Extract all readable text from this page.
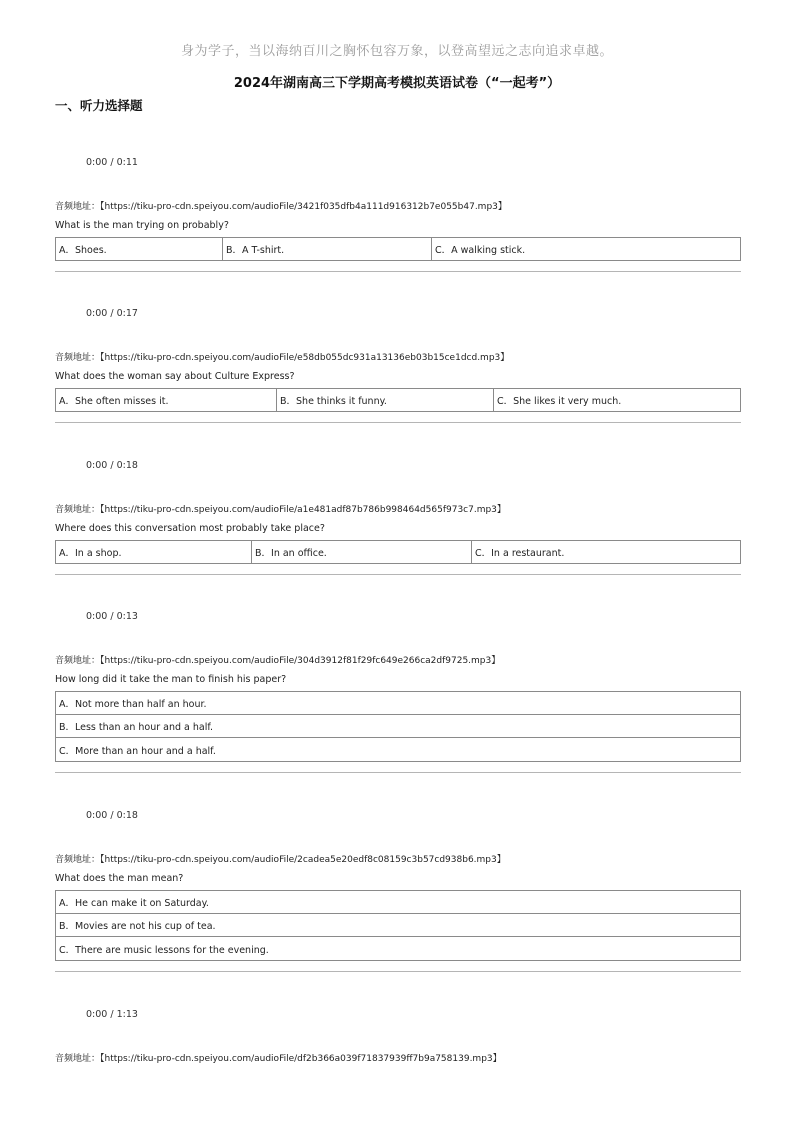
身为学子，当以海纳百川之胸怀包容万象，以登高望远之志向追求卓越。
2024年湖南高三下学期高考模拟英语试卷（“一起考”）
一、听力选择题
0:00 / 0:11
音频地址：【https://tiku-pro-cdn.speiyou.com/audioFile/3421f035dfb4a111d916312b7e055b47.mp3】
What is the man trying on probably?
A．Shoes.	B．A T-shirt.	C．A walking stick.
0:00 / 0:17
音频地址：【https://tiku-pro-cdn.speiyou.com/audioFile/e58db055dc931a13136eb03b15ce1dcd.mp3】
What does the woman say about Culture Express?
A．She often misses it.	B．She thinks it funny.	C．She likes it very much.
0:00 / 0:18
音频地址：【https://tiku-pro-cdn.speiyou.com/audioFile/a1e481adf87b786b998464d565f973c7.mp3】
Where does this conversation most probably take place?
A．In a shop.	B．In an office.	C．In a restaurant.
0:00 / 0:13
音频地址：【https://tiku-pro-cdn.speiyou.com/audioFile/304d3912f81f29fc649e266ca2df9725.mp3】
How long did it take the man to finish his paper?
A．Not more than half an hour.
B．Less than an hour and a half.
C．More than an hour and a half.
0:00 / 0:18
音频地址：【https://tiku-pro-cdn.speiyou.com/audioFile/2cadea5e20edf8c08159c3b57cd938b6.mp3】
What does the man mean?
A．He can make it on Saturday.
B．Movies are not his cup of tea.
C．There are music lessons for the evening.
0:00 / 1:13
音频地址：【https://tiku-pro-cdn.speiyou.com/audioFile/df2b366a039f71837939ff7b9a758139.mp3】
